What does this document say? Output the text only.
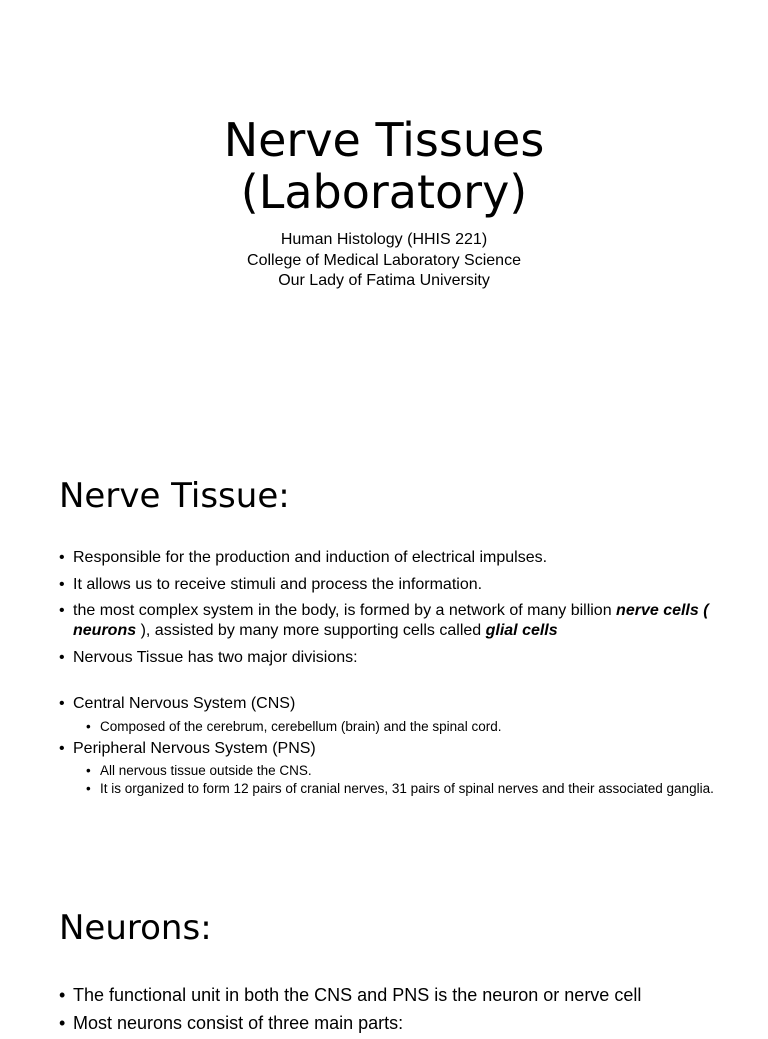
Nerve Tissues
(Laboratory)
Human Histology (HHIS 221)
College of Medical Laboratory Science
Our Lady of Fatima University
Nerve Tissue:
• Responsible for the production and induction of electrical impulses.
• It allows us to receive stimuli and process the information.
• the most complex system in the body, is formed by a network of many billion nerve cells ( neurons ), assisted by many more supporting cells called glial cells
• Nervous Tissue has two major divisions:
• Central Nervous System (CNS)
• Composed of the cerebrum, cerebellum (brain) and the spinal cord.
• Peripheral Nervous System (PNS)
• All nervous tissue outside the CNS.
• It is organized to form 12 pairs of cranial nerves, 31 pairs of spinal nerves and their associated ganglia.
Neurons:
• The functional unit in both the CNS and PNS is the neuron or nerve cell
• Most neurons consist of three main parts:
